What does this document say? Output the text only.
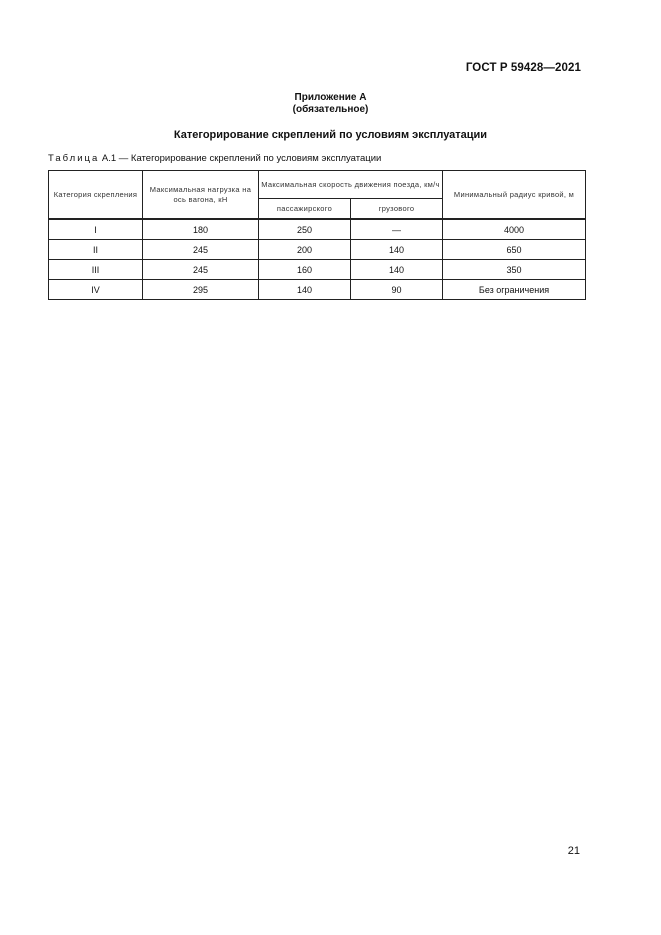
ГОСТ Р 59428—2021
Приложение А
(обязательное)
Категорирование скреплений по условиям эксплуатации
Таблица А.1 — Категорирование скреплений по условиям эксплуатации
Категория скрепления	Максимальная нагрузка на ось вагона, кН	Максимальная скорость движения поезда, км/ч		Минимальный радиус кривой, м
		пассажирского	грузового	
I	180	250	—	4000
II	245	200	140	650
III	245	160	140	350
IV	295	140	90	Без ограничения
21
